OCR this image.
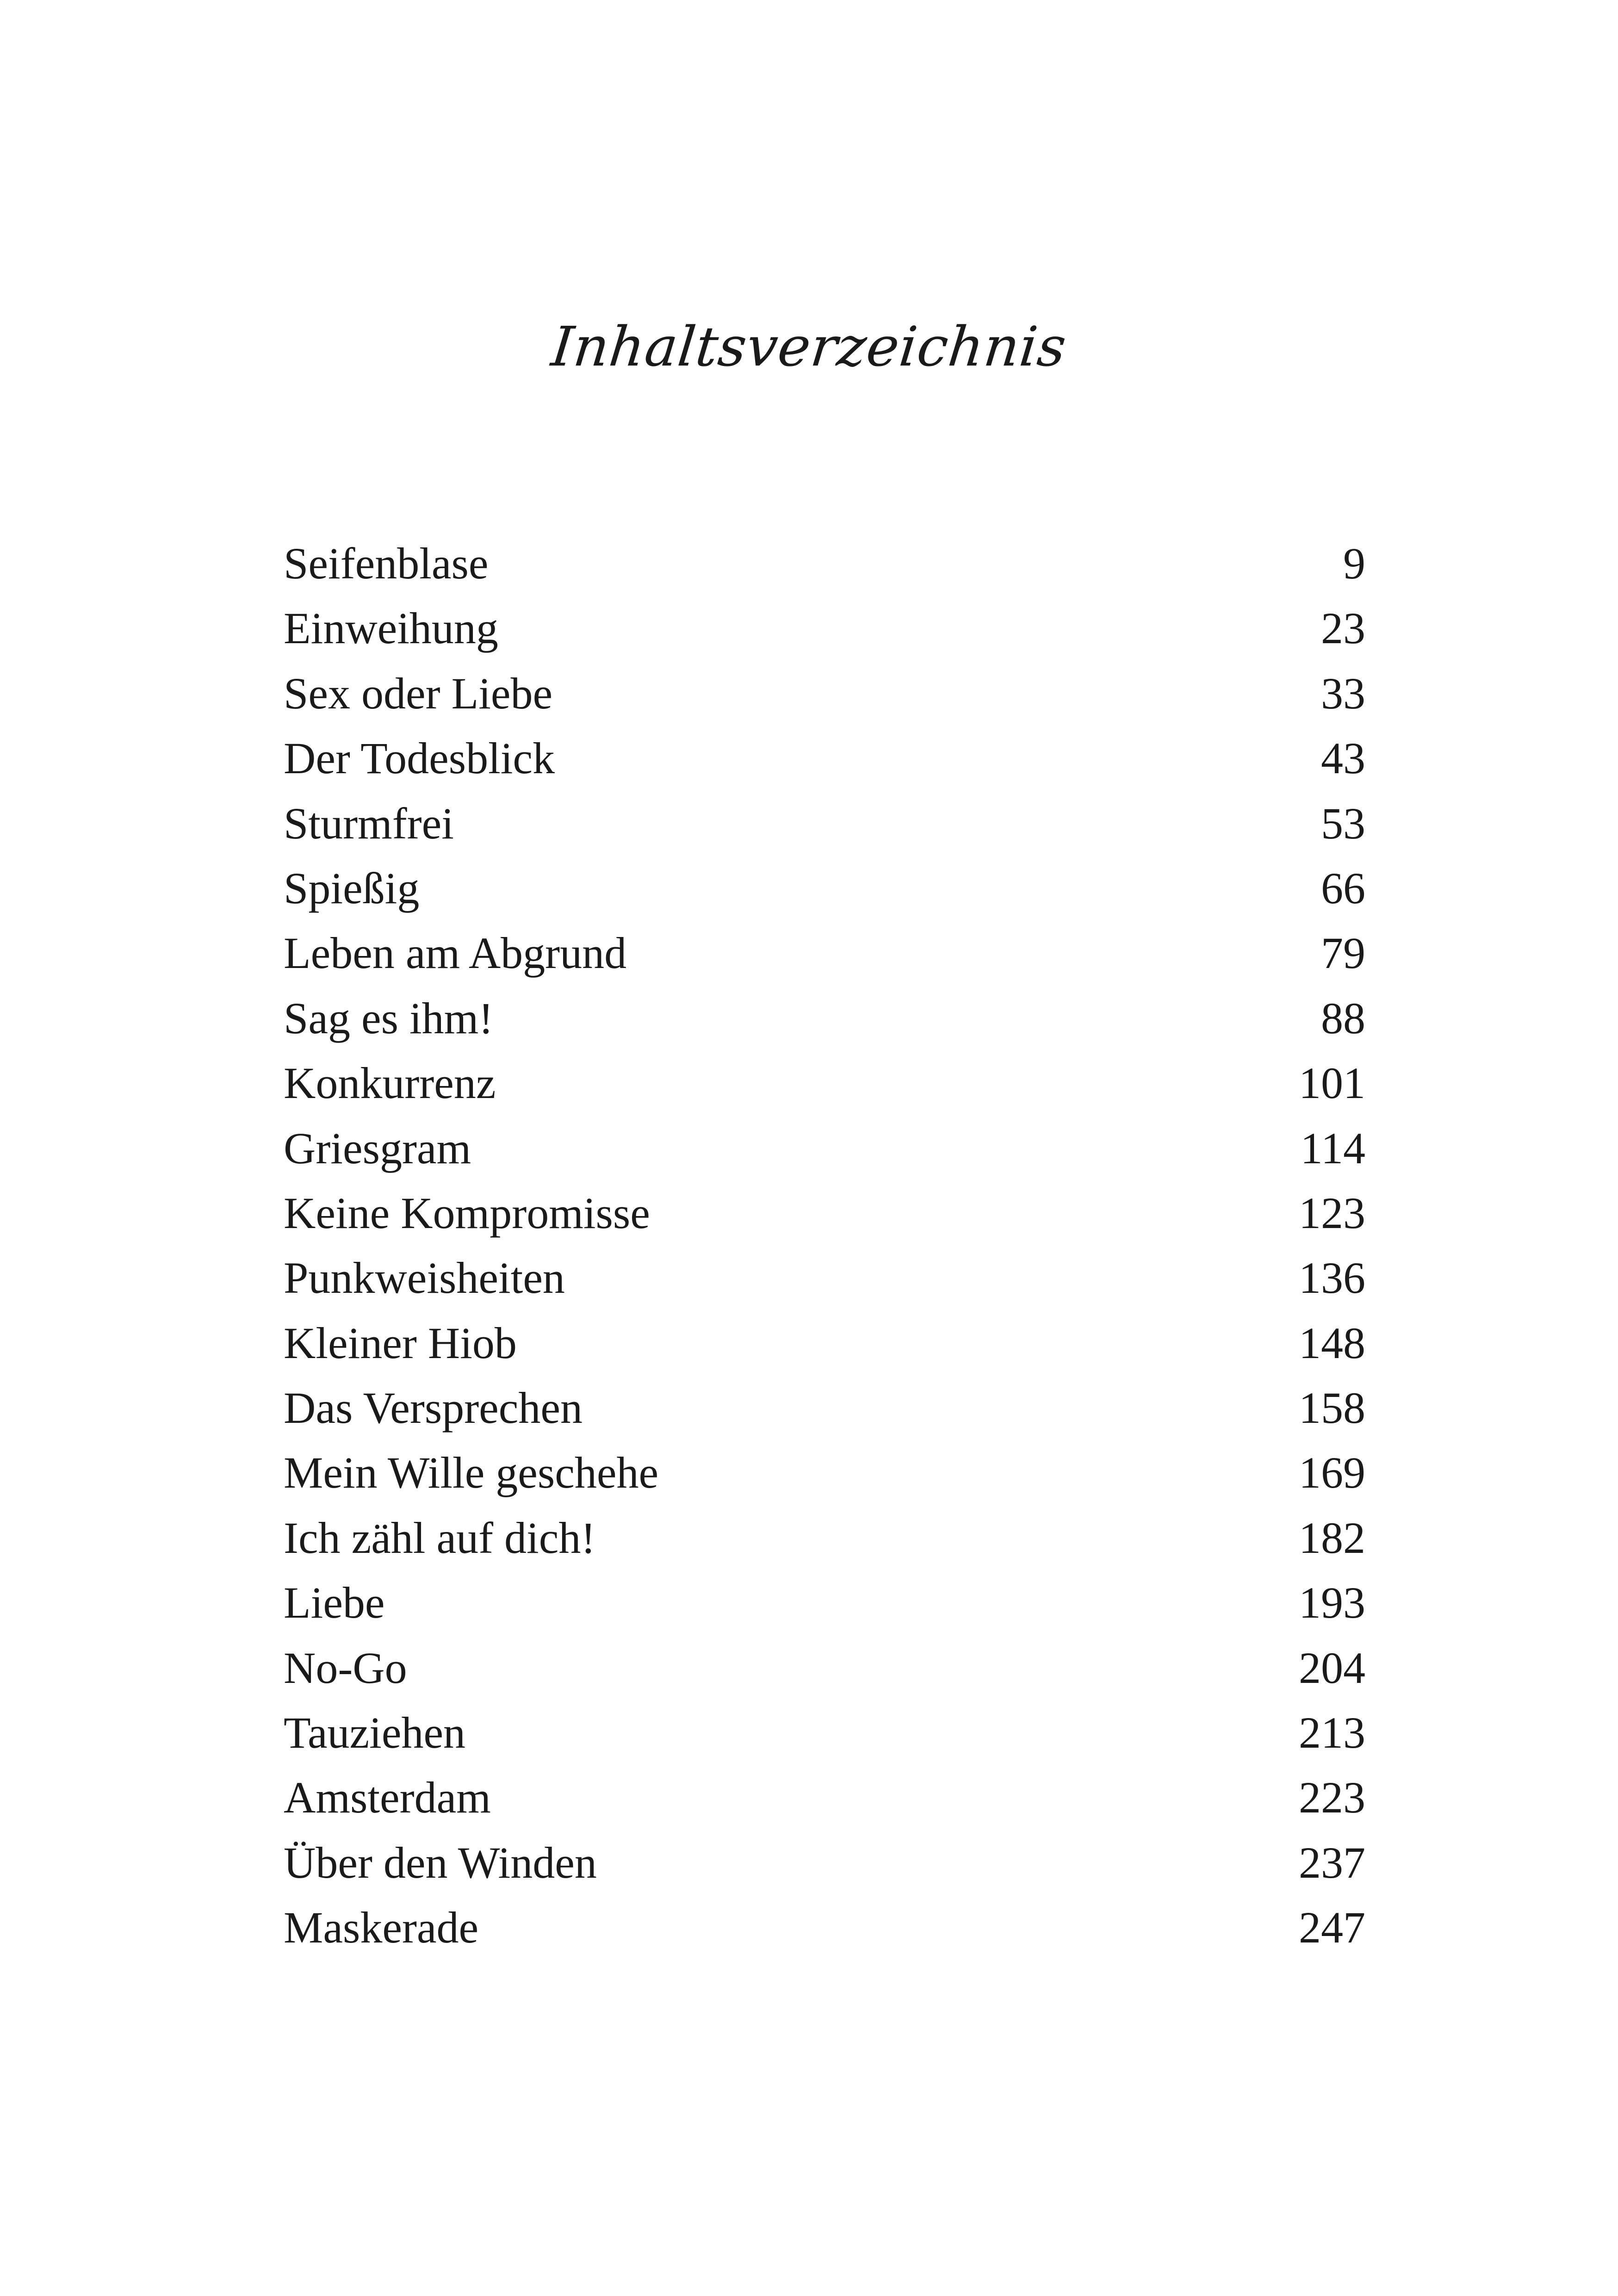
Inhaltsverzeichnis
Seifenblase	9
Einweihung	23
Sex oder Liebe	33
Der Todesblick	43
Sturmfrei	53
Spießig	66
Leben am Abgrund	79
Sag es ihm!	88
Konkurrenz	101
Griesgram	114
Keine Kompromisse	123
Punkweisheiten	136
Kleiner Hiob	148
Das Versprechen	158
Mein Wille geschehe	169
Ich zähl auf dich!	182
Liebe	193
No-Go	204
Tauziehen	213
Amsterdam	223
Über den Winden	237
Maskerade	247
